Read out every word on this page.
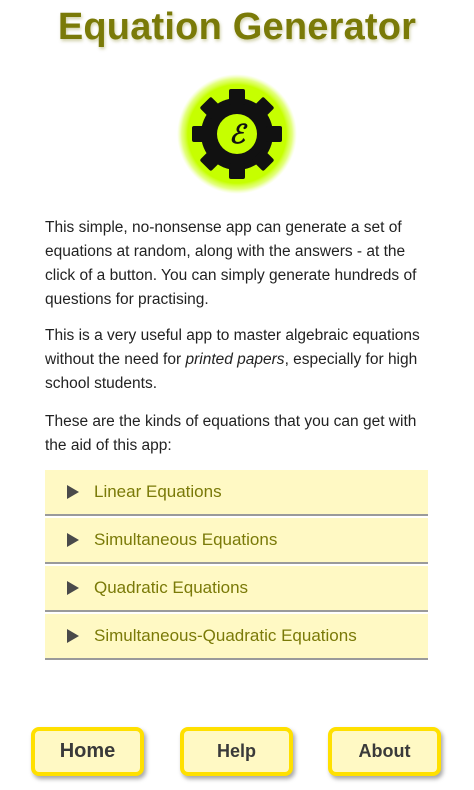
Equation Generator
ℰ
This simple, no-nonsense app can generate a set of equations at random, along with the answers - at the click of a button. You can simply generate hundreds of questions for practising.
This is a very useful app to master algebraic equations without the need for printed papers, especially for high school students.
These are the kinds of equations that you can get with the aid of this app:
Linear Equations
Simultaneous Equations
Quadratic Equations
Simultaneous-Quadratic Equations
Home	Help	About
